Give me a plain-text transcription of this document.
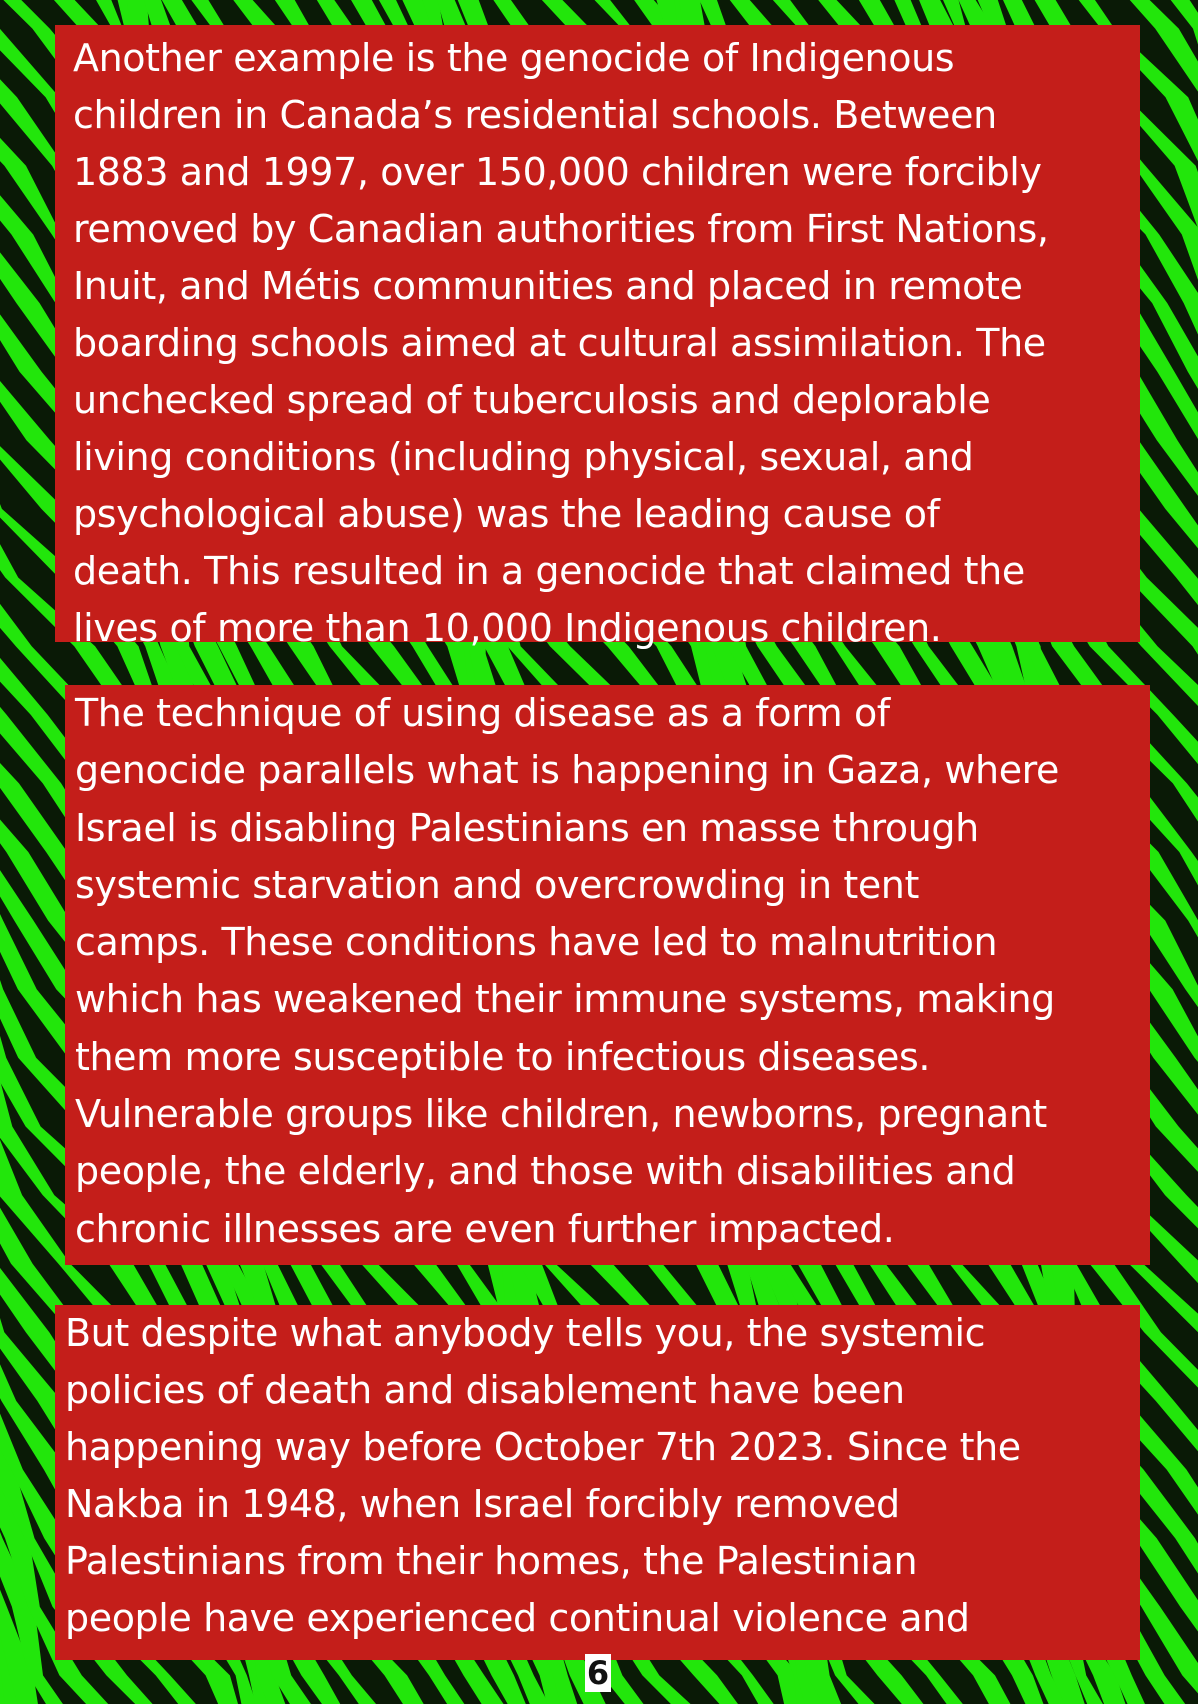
Another example is the genocide of Indigenous
children in Canada’s residential schools. Between
1883 and 1997, over 150,000 children were forcibly
removed by Canadian authorities from First Nations,
Inuit, and Métis communities and placed in remote
boarding schools aimed at cultural assimilation. The
unchecked spread of tuberculosis and deplorable
living conditions (including physical, sexual, and
psychological abuse) was the leading cause of
death. This resulted in a genocide that claimed the
lives of more than 10,000 Indigenous children.
The technique of using disease as a form of
genocide parallels what is happening in Gaza, where
Israel is disabling Palestinians en masse through
systemic starvation and overcrowding in tent
camps. These conditions have led to malnutrition
which has weakened their immune systems, making
them more susceptible to infectious diseases.
Vulnerable groups like children, newborns, pregnant
people, the elderly, and those with disabilities and
chronic illnesses are even further impacted.
But despite what anybody tells you, the systemic
policies of death and disablement have been
happening way before October 7th 2023. Since the
Nakba in 1948, when Israel forcibly removed
Palestinians from their homes, the Palestinian
people have experienced continual violence and
6
